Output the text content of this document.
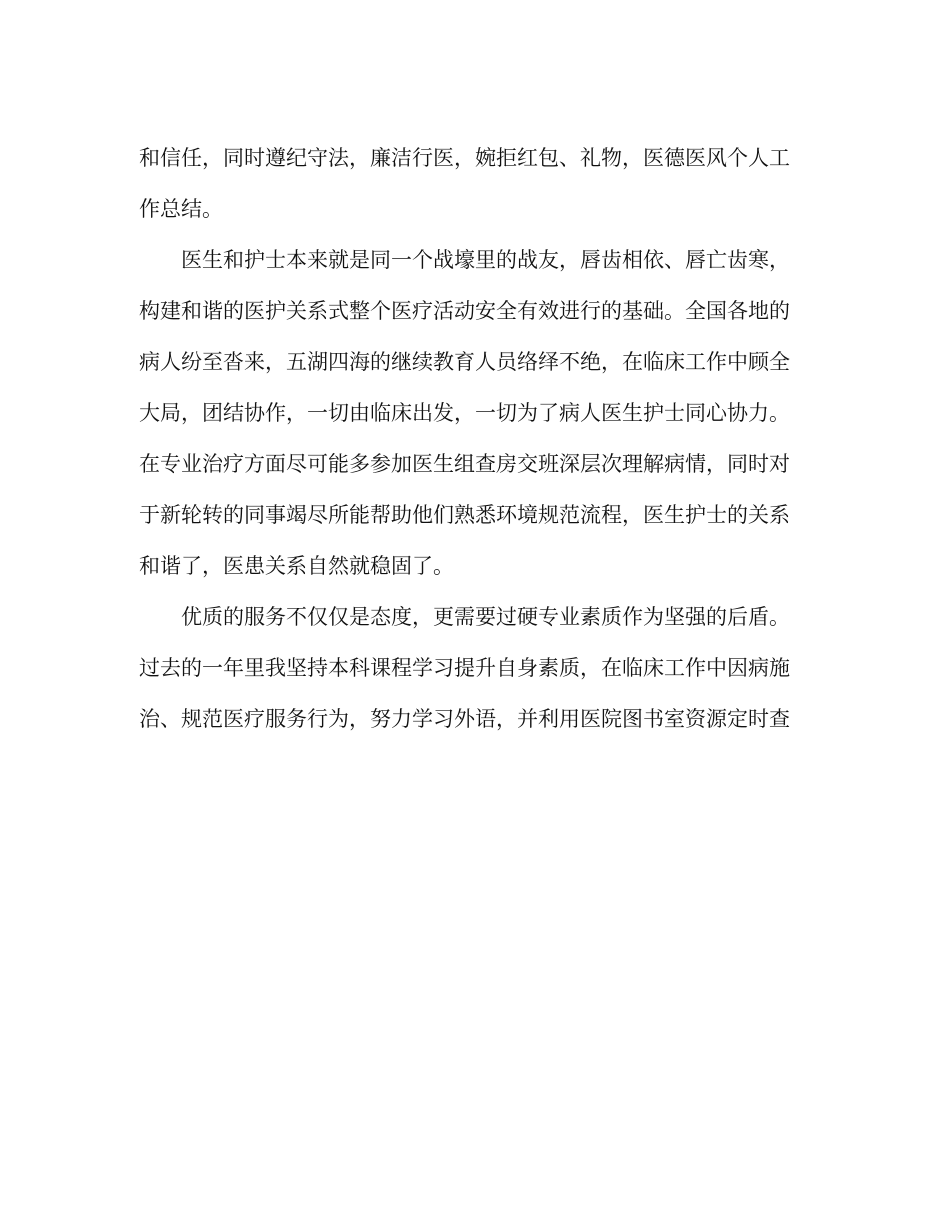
和信任，同时遵纪守法，廉洁行医，婉拒红包、礼物，医德医风个人工
作总结。
医生和护士本来就是同一个战壕里的战友，唇齿相依、唇亡齿寒，
构建和谐的医护关系式整个医疗活动安全有效进行的基础。全国各地的
病人纷至沓来，五湖四海的继续教育人员络绎不绝，在临床工作中顾全
大局，团结协作，一切由临床出发，一切为了病人医生护士同心协力。
在专业治疗方面尽可能多参加医生组查房交班深层次理解病情，同时对
于新轮转的同事竭尽所能帮助他们熟悉环境规范流程，医生护士的关系
和谐了，医患关系自然就稳固了。
优质的服务不仅仅是态度，更需要过硬专业素质作为坚强的后盾。
过去的一年里我坚持本科课程学习提升自身素质，在临床工作中因病施
治、规范医疗服务行为，努力学习外语，并利用医院图书室资源定时查
